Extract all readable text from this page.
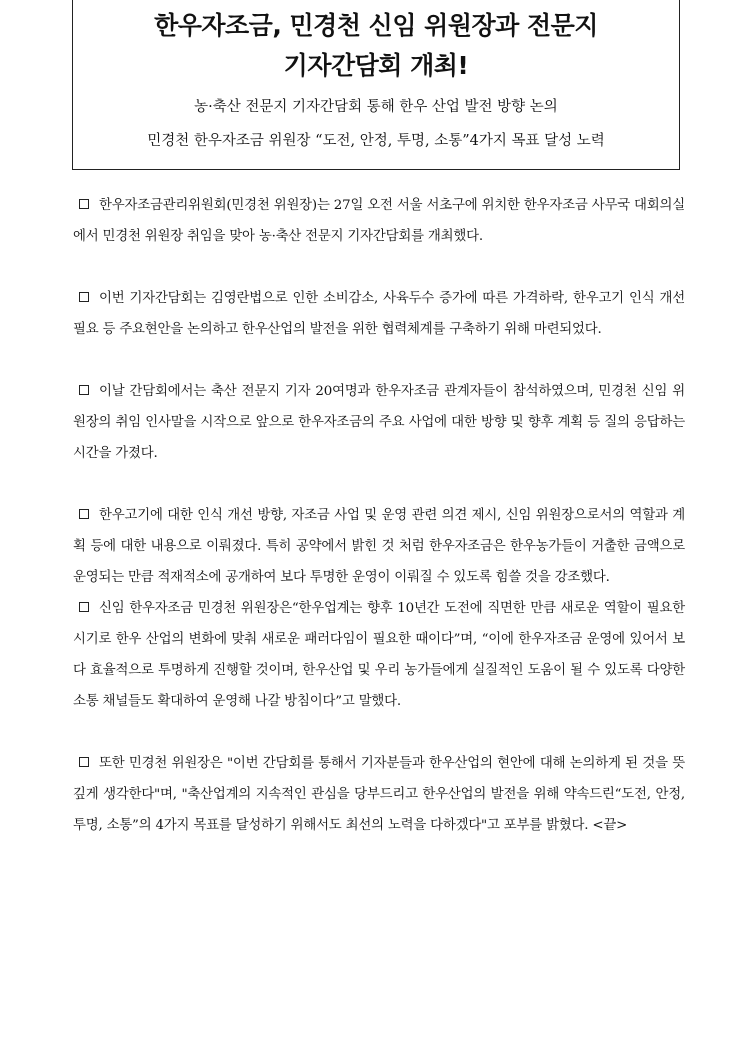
한우자조금, 민경천 신임 위원장과 전문지

기자간담회 개최!

농·축산 전문지 기자간담회 통해 한우 산업 발전 방향 논의

민경천 한우자조금 위원장 “도전, 안정, 투명, 소통”4가지 목표 달성 노력

한우자조금관리위원회(민경천 위원장)는 27일 오전 서울 서초구에 위치한 한우자조금 사무국 대회의실에서 민경천 위원장 취임을 맞아 농·축산 전문지 기자간담회를 개최했다.

이번 기자간담회는 김영란법으로 인한 소비감소, 사육두수 증가에 따른 가격하락, 한우고기 인식 개선 필요 등 주요현안을 논의하고 한우산업의 발전을 위한 협력체계를 구축하기 위해 마련되었다.

이날 간담회에서는 축산 전문지 기자 20여명과 한우자조금 관계자들이 참석하였으며, 민경천 신임 위원장의 취임 인사말을 시작으로 앞으로 한우자조금의 주요 사업에 대한 방향 및 향후 계획 등 질의 응답하는 시간을 가졌다.

한우고기에 대한 인식 개선 방향, 자조금 사업 및 운영 관련 의견 제시, 신임 위원장으로서의 역할과 계획 등에 대한 내용으로 이뤄졌다. 특히 공약에서 밝힌 것 처럼 한우자조금은 한우농가들이 거출한 금액으로 운영되는 만큼 적재적소에 공개하여 보다 투명한 운영이 이뤄질 수 있도록 힘쓸 것을 강조했다.

신임 한우자조금 민경천 위원장은“한우업계는 향후 10년간 도전에 직면한 만큼 새로운 역할이 필요한 시기로 한우 산업의 변화에 맞춰 새로운 패러다임이 필요한 때이다”며, “이에 한우자조금 운영에 있어서 보다 효율적으로 투명하게 진행할 것이며, 한우산업 및 우리 농가들에게 실질적인 도움이 될 수 있도록 다양한 소통 채널들도 확대하여 운영해 나갈 방침이다”고 말했다.

또한 민경천 위원장은 "이번 간담회를 통해서 기자분들과 한우산업의 현안에 대해 논의하게 된 것을 뜻 깊게 생각한다"며, "축산업계의 지속적인 관심을 당부드리고 한우산업의 발전을 위해 약속드린“도전, 안정, 투명, 소통”의 4가지 목표를 달성하기 위해서도 최선의 노력을 다하겠다"고 포부를 밝혔다. <끝>
